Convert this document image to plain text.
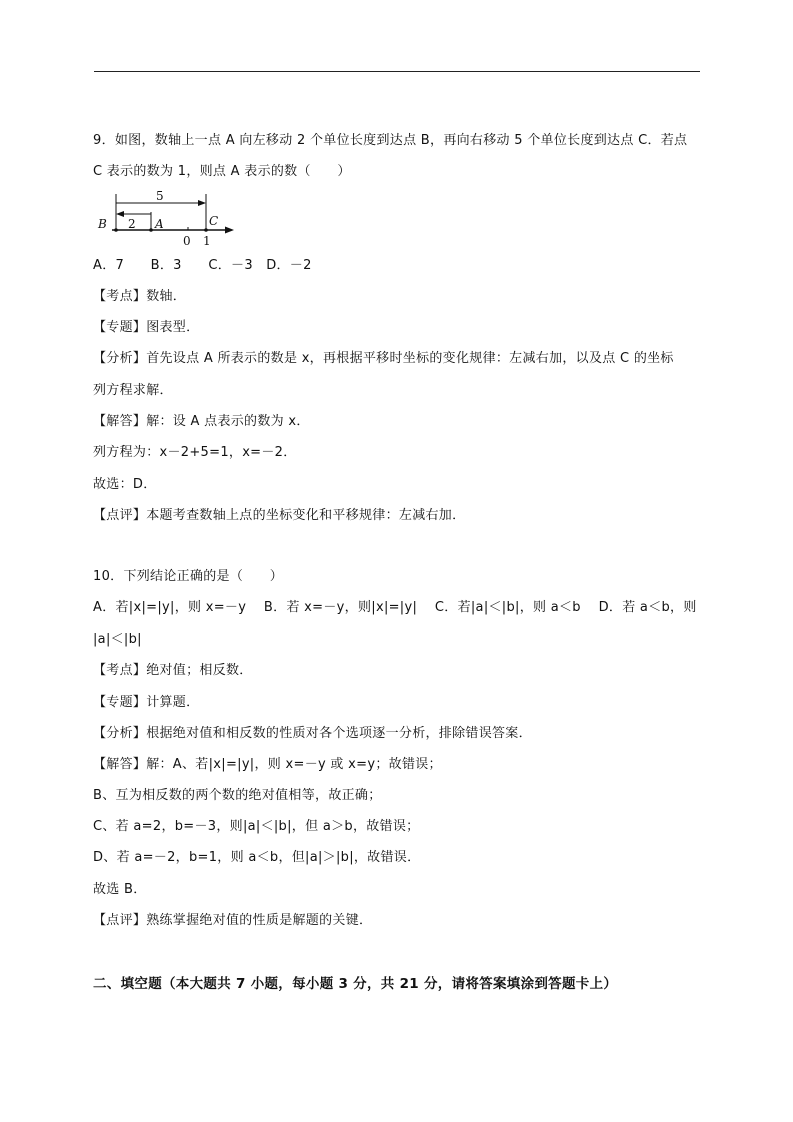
9．如图，数轴上一点 A 向左移动 2 个单位长度到达点 B，再向右移动 5 个单位长度到达点 C．若点
C 表示的数为 1，则点 A 表示的数（　　）
5
B 2 A	C
0 1
A．7　　B．3　　C．－3　D．－2
【考点】数轴．
【专题】图表型．
【分析】首先设点 A 所表示的数是 x，再根据平移时坐标的变化规律：左减右加，以及点 C 的坐标
列方程求解．
【解答】解：设 A 点表示的数为 x．
列方程为：x－2+5=1，x=－2．
故选：D．
【点评】本题考查数轴上点的坐标变化和平移规律：左减右加．
10．下列结论正确的是（　　）
A．若|x|=|y|，则 x=－y　 B．若 x=－y，则|x|=|y|　 C．若|a|＜|b|，则 a＜b　 D．若 a＜b，则
|a|＜|b|
【考点】绝对值；相反数．
【专题】计算题．
【分析】根据绝对值和相反数的性质对各个选项逐一分析，排除错误答案．
【解答】解：A、若|x|=|y|，则 x=－y 或 x=y；故错误；
B、互为相反数的两个数的绝对值相等，故正确；
C、若 a=2，b=－3，则|a|＜|b|，但 a＞b，故错误；
D、若 a=－2，b=1，则 a＜b，但|a|＞|b|，故错误．
故选 B．
【点评】熟练掌握绝对值的性质是解题的关键．
二、填空题（本大题共 7 小题，每小题 3 分，共 21 分，请将答案填涂到答题卡上）
